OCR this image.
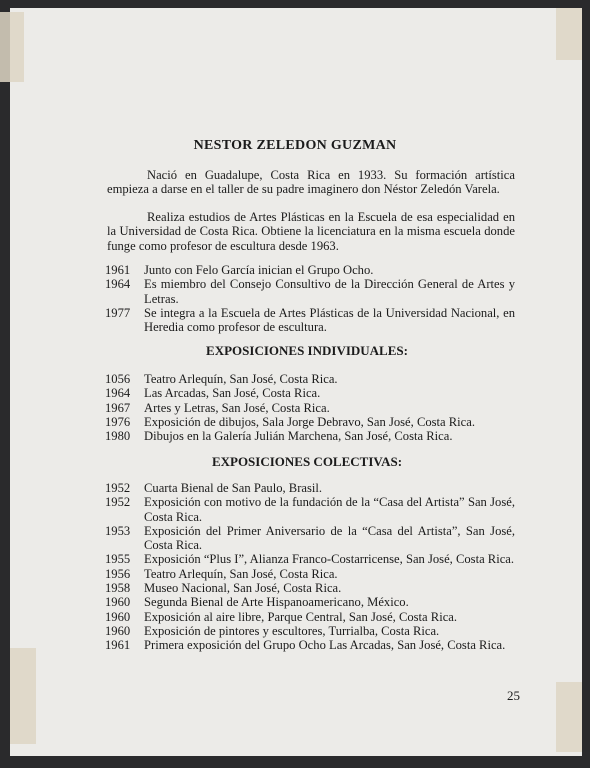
NESTOR ZELEDON GUZMAN
Nació en Guadalupe, Costa Rica en 1933. Su formación artística empieza a darse en el taller de su padre imaginero don Néstor Zeledón Varela.
Realiza estudios de Artes Plásticas en la Escuela de esa especialidad en la Universidad de Costa Rica. Obtiene la licenciatura en la misma escuela donde funge como profesor de escultura desde 1963.
1961	Junto con Felo García inician el Grupo Ocho.
1964	Es miembro del Consejo Consultivo de la Dirección General de Artes y Letras.
1977	Se integra a la Escuela de Artes Plásticas de la Universidad Nacional, en Heredia como profesor de escultura.
EXPOSICIONES INDIVIDUALES:
1056	Teatro Arlequín, San José, Costa Rica.
1964	Las Arcadas, San José, Costa Rica.
1967	Artes y Letras, San José, Costa Rica.
1976	Exposición de dibujos, Sala Jorge Debravo, San José, Costa Rica.
1980	Dibujos en la Galería Julián Marchena, San José, Costa Rica.
EXPOSICIONES COLECTIVAS:
1952	Cuarta Bienal de San Paulo, Brasil.
1952	Exposición con motivo de la fundación de la “Casa del Artista” San José, Costa Rica.
1953	Exposición del Primer Aniversario de la “Casa del Artista”, San José, Costa Rica.
1955	Exposición “Plus I”, Alianza Franco-Costarricense, San José, Costa Rica.
1956	Teatro Arlequín, San José, Costa Rica.
1958	Museo Nacional, San José, Costa Rica.
1960	Segunda Bienal de Arte Hispanoamericano, México.
1960	Exposición al aire libre, Parque Central, San José, Costa Rica.
1960	Exposición de pintores y escultores, Turrialba, Costa Rica.
1961	Primera exposición del Grupo Ocho Las Arcadas, San José, Costa Rica.
25
